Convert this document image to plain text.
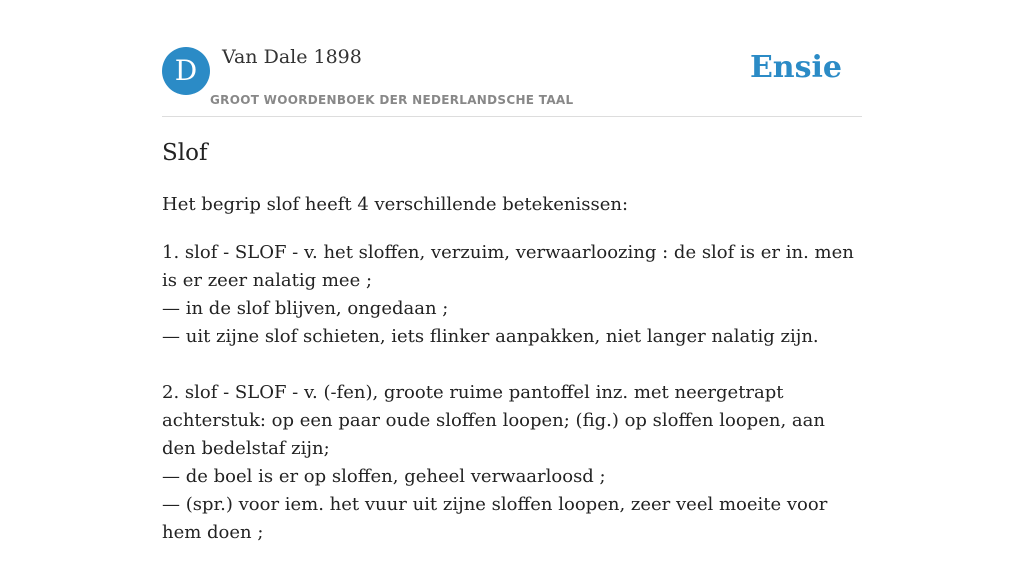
D	Van Dale 1898
GROOT WOORDENBOEK DER NEDERLANDSCHE TAAL
Ensie
Slof

Het begrip slof heeft 4 verschillende betekenissen:

1. slof - SLOF - v. het sloffen, verzuim, verwaarloozing : de slof is er in. men is er zeer nalatig mee ;
— in de slof blijven, ongedaan ;
— uit zijne slof schieten, iets flinker aanpakken, niet langer nalatig zijn.
2. slof - SLOF - v. (-fen), groote ruime pantoffel inz. met neergetrapt achterstuk: op een paar oude sloffen loopen; (fig.) op sloffen loopen, aan den bedelstaf zijn;
— de boel is er op sloffen, geheel verwaarloosd ;
— (spr.) voor iem. het vuur uit zijne sloffen loopen, zeer veel moeite voor hem doen ;
